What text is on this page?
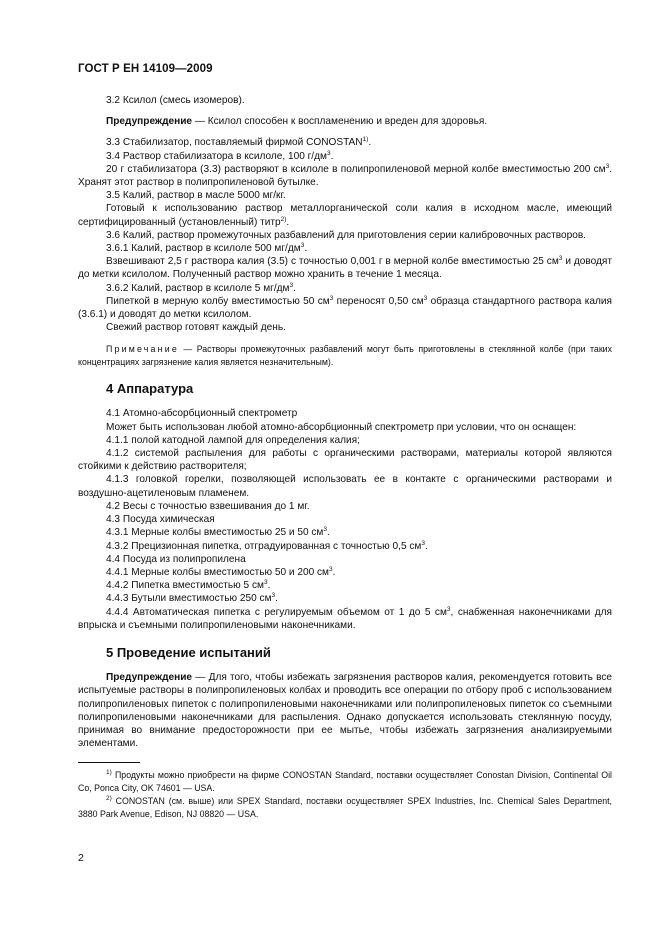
ГОСТ Р ЕН 14109—2009

3.2 Ксилол (смесь изомеров).

Предупреждение — Ксилол способен к воспламенению и вреден для здоровья.

3.3 Стабилизатор, поставляемый фирмой CONOSTAN$^{1)}$.

3.4 Раствор стабилизатора в ксилоле, 100 $г/дм^3$.

20 г стабилизатора (3.3) растворяют в ксилоле в полипропиленовой мерной колбе вместимостью 200 $см^3$. Хранят этот раствор в полипропиленовой бутылке.

3.5 Калий, раствор в масле 5000 мг/кг.

Готовый к использованию раствор металлорганической соли калия в исходном масле, имеющий сертифицированный (установленный) титр$^{2)}$.

3.6 Калий, раствор промежуточных разбавлений для приготовления серии калибровочных растворов.

3.6.1 Калий, раствор в ксилоле 500 $мг/дм^3$.

Взвешивают 2,5 г раствора калия (3.5) с точностью 0,001 г в мерной колбе вместимостью 25 $см^3$ и доводят до метки ксилолом. Полученный раствор можно хранить в течение 1 месяца.

3.6.2 Калий, раствор в ксилоле 5 $мг/дм^3$.

Пипеткой в мерную колбу вместимостью 50 $см^3$ переносят 0,50 $см^3$ образца стандартного раствора калия (3.6.1) и доводят до метки ксилолом.

Свежий раствор готовят каждый день.

Примечание — Растворы промежуточных разбавлений могут быть приготовлены в стеклянной колбе (при таких концентрациях загрязнение калия является незначительным).

4 Аппаратура

4.1 Атомно-абсорбционный спектрометр

Может быть использован любой атомно-абсорбционный спектрометр при условии, что он оснащен:

4.1.1 полой катодной лампой для определения калия;

4.1.2 системой распыления для работы с органическими растворами, материалы которой являются стойкими к действию растворителя;

4.1.3 головкой горелки, позволяющей использовать ее в контакте с органическими растворами и воздушно-ацетиленовым пламенем.

4.2 Весы с точностью взвешивания до 1 мг.

4.3 Посуда химическая

4.3.1 Мерные колбы вместимостью 25 и 50 $см^3$.

4.3.2 Прецизионная пипетка, отградуированная с точностью 0,5 $см^3$.

4.4 Посуда из полипропилена

4.4.1 Мерные колбы вместимостью 50 и 200 $см^3$.

4.4.2 Пипетка вместимостью 5 $см^3$.

4.4.3 Бутыли вместимостью 250 $см^3$.

4.4.4 Автоматическая пипетка с регулируемым объемом от 1 до 5 $см^3$, снабженная наконечниками для впрыска и съемными полипропиленовыми наконечниками.

5 Проведение испытаний

Предупреждение — Для того, чтобы избежать загрязнения растворов калия, рекомендуется готовить все испытуемые растворы в полипропиленовых колбах и проводить все операции по отбору проб с использованием полипропиленовых пипеток с полипропиленовыми наконечниками или полипропиленовых пипеток со съемными полипропиленовыми наконечниками для распыления. Однако допускается использовать стеклянную посуду, принимая во внимание предосторожности при ее мытье, чтобы избежать загрязнения анализируемыми элементами.

$^{1)}$ Продукты можно приобрести на фирме CONOSTAN Standard, поставки осуществляет Conostan Division, Continental Oil Co, Ponca City, OK 74601 — USA.

$^{2)}$ CONOSTAN (см. выше) или SPEX Standard, поставки осуществляет SPEX Industries, Inc. Chemical Sales Department, 3880 Park Avenue, Edison, NJ 08820 — USA.

2
